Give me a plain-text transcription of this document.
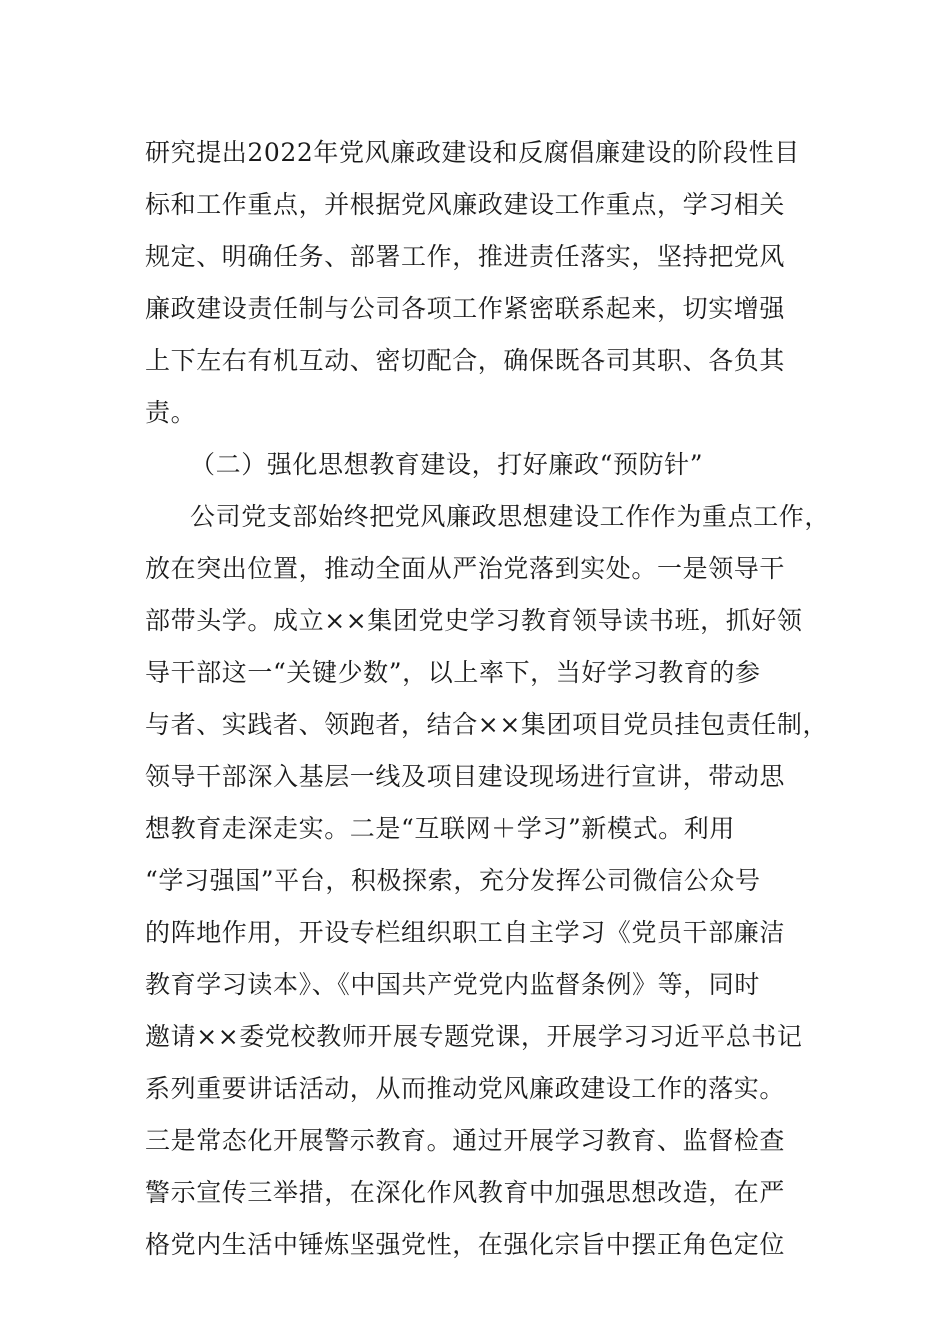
研究提出2022年党风廉政建设和反腐倡廉建设的阶段性目
标和工作重点，并根据党风廉政建设工作重点，学习相关
规定、明确任务、部署工作，推进责任落实，坚持把党风
廉政建设责任制与公司各项工作紧密联系起来，切实增强
上下左右有机互动、密切配合，确保既各司其职、各负其
责。
（二）强化思想教育建设，打好廉政“预防针”
公司党支部始终把党风廉政思想建设工作作为重点工作，
放在突出位置，推动全面从严治党落到实处。一是领导干
部带头学。成立××集团党史学习教育领导读书班，抓好领
导干部这一“关键少数”，以上率下，当好学习教育的参
与者、实践者、领跑者，结合××集团项目党员挂包责任制，
领导干部深入基层一线及项目建设现场进行宣讲，带动思
想教育走深走实。二是“互联网＋学习”新模式。利用
“学习强国”平台，积极探索，充分发挥公司微信公众号
的阵地作用，开设专栏组织职工自主学习《党员干部廉洁
教育学习读本》、《中国共产党党内监督条例》等，同时
邀请××委党校教师开展专题党课，开展学习习近平总书记
系列重要讲话活动，从而推动党风廉政建设工作的落实。
三是常态化开展警示教育。通过开展学习教育、监督检查
警示宣传三举措，在深化作风教育中加强思想改造，在严
格党内生活中锤炼坚强党性，在强化宗旨中摆正角色定位
